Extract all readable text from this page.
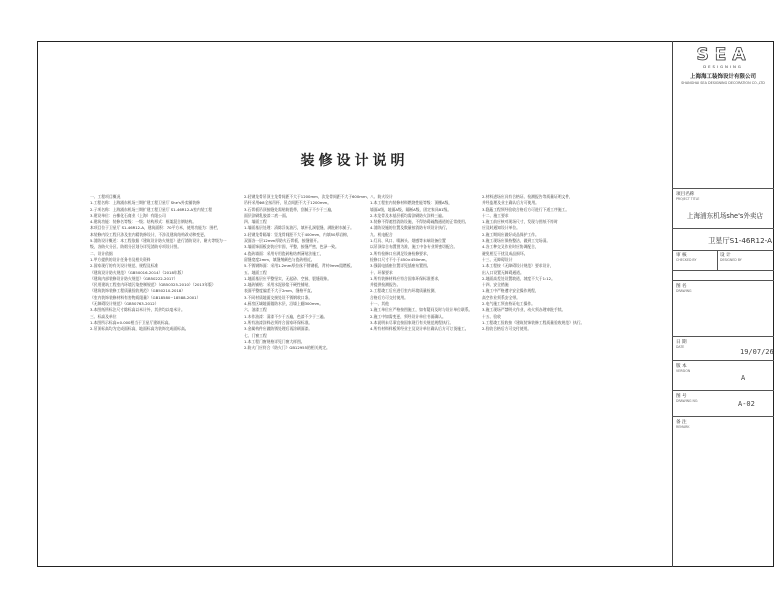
装修设计说明

一、工程项目概况

1.工程名称：上海浦东机场三期扩建工程卫星厅 She's外卖铺装修

2.子项名称：上海浦东机场三期扩建工程卫星厅 S1-46R12-A室内装工程

3.建设单位：台橡化石商业（上海）有限公司

4.建筑功能：装修名等级：一级；结构形式：框架混合钢结构。

本项目位于卫星厅 S1-46R12-A，建筑面积：70平方米，使用功能为：围栏，

本装修内设工程只涉及室内精装修设计，不涉及建筑结构改动和变更。

5.消防设计概述：本工程依据《建筑设计防火规范》进行消防设计，耐火等级为一级，各防火分区、防烟分区划分详见消防专项设计图。

二、设计依据

1.甲方提供的设计任务书及相关资料

2.国家现行的有关设计规范、规程及标准

《建筑设计防火规范》（GB50016-2014）（2018年版）

《建筑内部装修设计防火规范》（GB50222-2017）

《民用建筑工程室内环境污染控制规范》（GB50325-2010）（2013年版）

《建筑装饰装修工程质量验收规范》（GB50210-2018）

《室内装饰装修材料有害物质限量》（GB18580~18588-2001）

《无障碍设计规范》（GB50763-2012）

3.本图纸所标注尺寸除标高以米计外，其余均以毫米计。

三、标高及单位

1.本图所示标高±0.000相当于卫星厅建筑标高。

2.吊顶标高均为完成面标高，地面标高为装饰完成面标高。

2.轻钢龙骨吊顶主龙骨间距不大于1200mm，次龙骨间距不大于600mm，

吊杆采用Φ8全丝吊杆，吊点间距不大于1200mm。

3.石膏板吊顶接缝处需贴防裂带，刮腻子不少于三遍，

面层涂刷乳胶漆二底一面。

四、墙面工程

1.墙面基层处理：清除浮灰油污，填补孔洞裂缝，满批耐水腻子。

2.轻钢龙骨隔墙：竖龙骨间距不大于400mm，内填50厚岩棉，

双面各一层12mm厚防火石膏板，接缝错开。

3.墙面饰面板安装应牢固，平整，接缝严密，色泽一致。

4.瓷砖墙面：采用专用瓷砖粘结剂薄贴法施工，

留缝宽度2mm，填缝剂颜色与瓷砖相近。

5.不锈钢饰面：采用1.2mm厚拉丝不锈钢板，背衬9mm阻燃板。

五、地面工程

1.地面基层应平整坚实，无起砂、空鼓、裂缝现象。

2.地砖铺贴：采用水泥砂浆干硬性铺贴，

表面平整度偏差不大于2mm，缝格平直。

3.不同材质地面交接处设不锈钢收口条。

4.厨房区域地面做防水层，沿墙上翻300mm。

六、油漆工程

1.木作油漆：清漆不少于五遍，色漆不少于三遍。

2.所有油漆涂料必须符合国家环保标准。

3.金属构件应做防锈处理后再涂刷面漆。

七、门窗工程

1.本工程门窗规格详见门窗大样图。

2.防火门应符合《防火门》GB12955的相关规定。

八、防火设计

1.本工程室内装修材料燃烧性能等级：顶棚A级，

墙面A级，地面A级，隔断A级，固定家具B1级。

2.木龙骨及木基层板均需涂刷防火涂料三遍。

3.装修不得遮挡消防设施，不得妨碍疏散通道的正常使用。

4.消防设施的位置及数量按消防专项设计执行。

九、机电配合

1.灯具、风口、喷淋头、烟感等末端设备位置

以吊顶综合布置图为准，施工中各专业须密切配合。

2.所有检修口应满足设备检修要求，

检修口尺寸不小于450×450mm。

3.强弱电插座位置详见插座布置图。

十、环保要求

1.所有装修材料应符合国家环保标准要求，

并提供检测报告。

2.工程竣工后应进行室内环境质量检测，

合格后方可交付使用。

十一、其他

1.施工单位应严格按图施工，如有疑问及时与设计单位联系。

2.施工中如需变更，须经设计单位书面确认。

3.本说明未尽事宜按国家现行有关规范规程执行。

4.所有材料样板须经业主及设计单位确认后方可订货施工。

2.材料进场应具有合格证、检测报告等质量证明文件，

并经监理及业主确认后方可使用。

3.隐蔽工程须经验收合格后方可进行下道工序施工。

十二、施工要求

1.施工前应核对现场尺寸，发现与图纸不符时

应及时通知设计单位。

2.施工期间应做好成品保护工作。

3.施工现场应保持整洁，做到工完场清。

4.各工种交叉作业时应协调配合，

避免相互干扰及成品损坏。

十三、无障碍设计

1.本工程按《无障碍设计规范》要求设计，

出入口设置无障碍通道。

2.地面高差处设置坡道，坡度不大于1:12。

十四、安全措施

1.施工中严格遵守安全操作规程，

高空作业须系安全带。

2.电气施工须由持证电工操作。

3.施工现场严禁明火作业，动火须办理审批手续。

十五、验收

1.工程竣工验收按《建筑装饰装修工程质量验收规范》执行。

2.验收合格后方可交付使用。

SEA
DESIGNING
上海海工装饰设计有限公司
SHANGHAI SEA DESIGNING DECORATION CO.,LTD
项目名称
PROJECT TITLE
上海浦东机场she's外卖店
卫星厅S1-46R12-A
审 核
CHECKED BY
设 计
DESIGNED BY
图 名
DRAWING
日 期
DATE
19/07/26
版 本
VERSION
A
图 号
DRAWING NO.	A-02
备 注
REMARK
